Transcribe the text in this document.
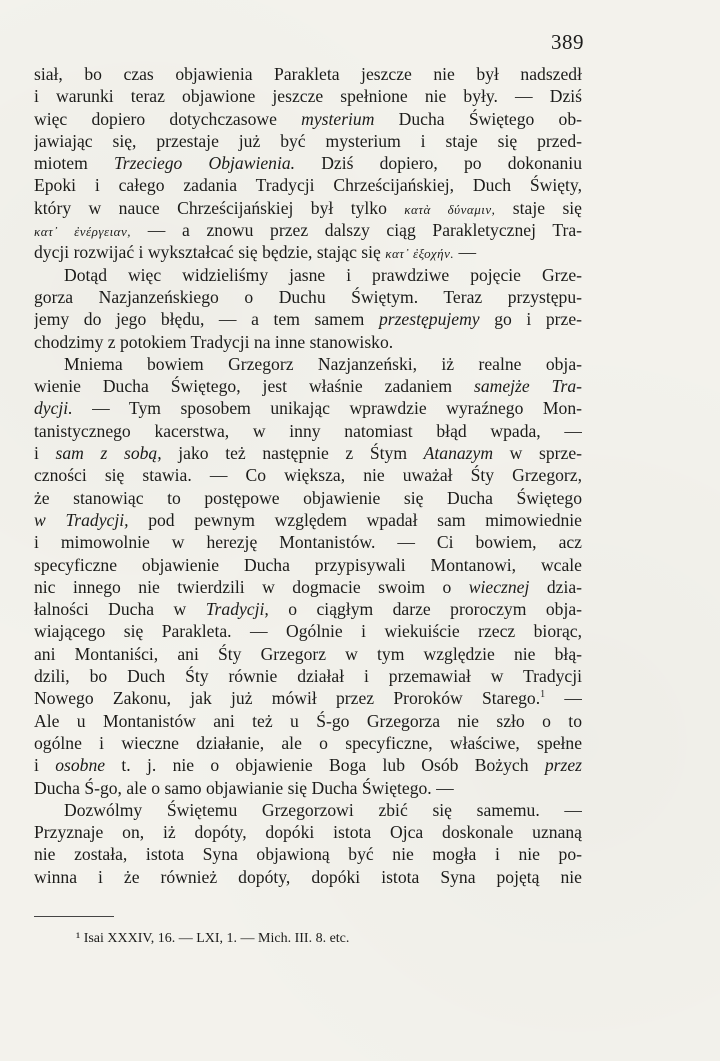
389
siał, bo czas objawienia Parakleta jeszcze nie był nadszedł
i warunki teraz objawione jeszcze spełnione nie były. — Dziś
więc dopiero dotychczasowe mysterium Ducha Świętego ob-
jawiając się, przestaje już być mysterium i staje się przed-
miotem Trzeciego Objawienia. Dziś dopiero, po dokonaniu
Epoki i całego zadania Tradycji Chrześcijańskiej, Duch Święty,
który w nauce Chrześcijańskiej był tylko κατὰ δύναμιν, staje się
κατ᾽ ἐνέργειαν, — a znowu przez dalszy ciąg Parakletycznej Tra-
dycji rozwijać i wykształcać się będzie, stając się κατ᾽ ἐξοχήν. —
Dotąd więc widzieliśmy jasne i prawdziwe pojęcie Grze-
gorza Nazjanzeńskiego o Duchu Świętym. Teraz przystępu-
jemy do jego błędu, — a tem samem przestępujemy go i prze-
chodzimy z potokiem Tradycji na inne stanowisko.
Mniema bowiem Grzegorz Nazjanzeński, iż realne obja-
wienie Ducha Świętego, jest właśnie zadaniem samejże Tra-
dycji. — Tym sposobem unikając wprawdzie wyraźnego Mon-
tanistycznego kacerstwa, w inny natomiast błąd wpada, —
i sam z sobą, jako też następnie z Śtym Atanazym w sprze-
czności się stawia. — Co większa, nie uważał Śty Grzegorz,
że stanowiąc to postępowe objawienie się Ducha Świętego
w Tradycji, pod pewnym względem wpadał sam mimowiednie
i mimowolnie w herezję Montanistów. — Ci bowiem, acz
specyficzne objawienie Ducha przypisywali Montanowi, wcale
nic innego nie twierdzili w dogmacie swoim o wiecznej dzia-
łalności Ducha w Tradycji, o ciągłym darze proroczym obja-
wiającego się Parakleta. — Ogólnie i wiekuiście rzecz biorąc,
ani Montaniści, ani Śty Grzegorz w tym względzie nie błą-
dzili, bo Duch Śty równie działał i przemawiał w Tradycji
Nowego Zakonu, jak już mówił przez Proroków Starego.$^1$ —
Ale u Montanistów ani też u Ś-go Grzegorza nie szło o to
ogólne i wieczne działanie, ale o specyficzne, właściwe, spełne
i osobne t. j. nie o objawienie Boga lub Osób Bożych przez
Ducha Ś-go, ale o samo objawianie się Ducha Świętego. —
Dozwólmy Świętemu Grzegorzowi zbić się samemu. —
Przyznaje on, iż dopóty, dopóki istota Ojca doskonale uznaną
nie została, istota Syna objawioną być nie mogła i nie po-
winna i że również dopóty, dopóki istota Syna pojętą nie
¹ Isai XXXIV, 16. — LXI, 1. — Mich. III. 8. etc.
